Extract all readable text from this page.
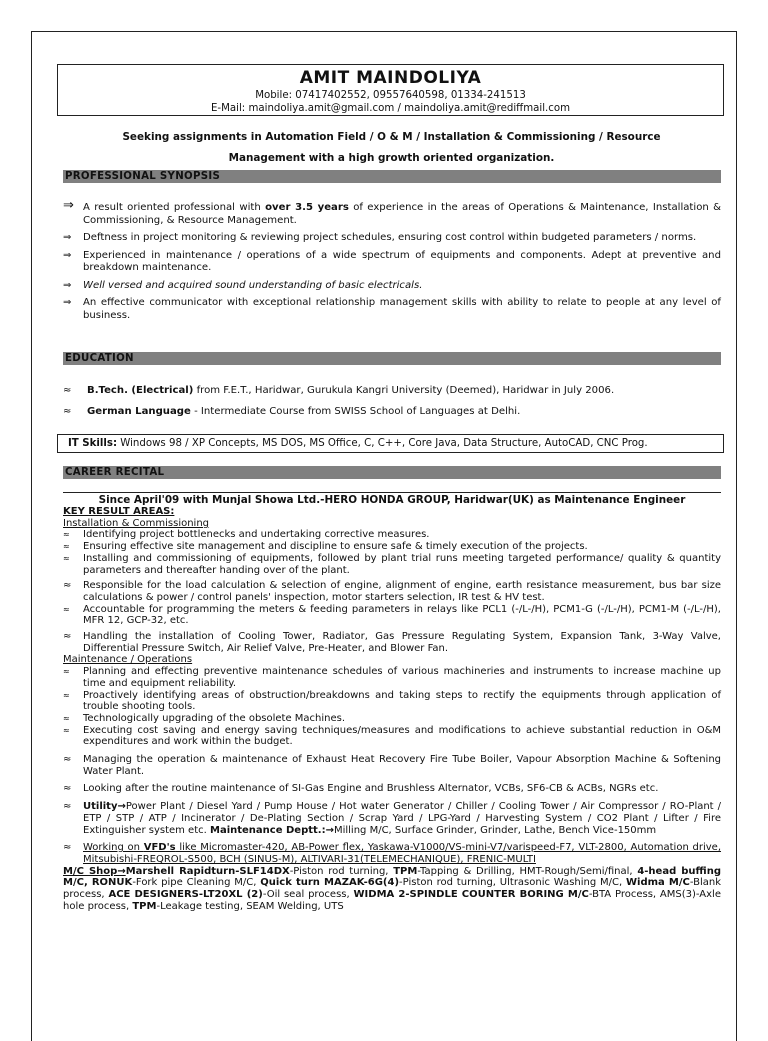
AMIT MAINDOLIYA
Mobile: 07417402552, 09557640598, 01334-241513
E-Mail: maindoliya.amit@gmail.com / maindoliya.amit@rediffmail.com
Seeking assignments in Automation Field / O & M / Installation & Commissioning / Resource
Management with a high growth oriented organization.
PROFESSIONAL SYNOPSIS
⇒ A result oriented professional with over 3.5 years of experience in the areas of Operations & Maintenance, Installation & Commissioning, & Resource Management.
⇒ Deftness in project monitoring & reviewing project schedules, ensuring cost control within budgeted parameters / norms.
⇒ Experienced in maintenance / operations of a wide spectrum of equipments and components. Adept at preventive and breakdown maintenance.
⇒ Well versed and acquired sound understanding of basic electricals.
⇒ An effective communicator with exceptional relationship management skills with ability to relate to people at any level of business.
EDUCATION
≈ B.Tech. (Electrical) from F.E.T., Haridwar, Gurukula Kangri University (Deemed), Haridwar in July 2006.
≈ German Language - Intermediate Course from SWISS School of Languages at Delhi.
IT Skills: Windows 98 / XP Concepts, MS DOS, MS Office, C, C++, Core Java, Data Structure, AutoCAD, CNC Prog.
CAREER RECITAL
Since April'09 with Munjal Showa Ltd.-HERO HONDA GROUP, Haridwar(UK) as Maintenance Engineer
KEY RESULT AREAS:
Installation & Commissioning
≈ Identifying project bottlenecks and undertaking corrective measures.
≈ Ensuring effective site management and discipline to ensure safe & timely execution of the projects.
≈ Installing and commissioning of equipments, followed by plant trial runs meeting targeted performance/ quality & quantity parameters and thereafter handing over of the plant.
≈ Responsible for the load calculation & selection of engine, alignment of engine, earth resistance measurement, bus bar size calculations & power / control panels' inspection, motor starters selection, IR test & HV test.
≈ Accountable for programming the meters & feeding parameters in relays like PCL1 (-/L-/H), PCM1-G (-/L-/H), PCM1-M (-/L-/H), MFR 12, GCP-32, etc.
≈ Handling the installation of Cooling Tower, Radiator, Gas Pressure Regulating System, Expansion Tank, 3-Way Valve, Differential Pressure Switch, Air Relief Valve, Pre-Heater, and Blower Fan.
Maintenance / Operations
≈ Planning and effecting preventive maintenance schedules of various machineries and instruments to increase machine up time and equipment reliability.
≈ Proactively identifying areas of obstruction/breakdowns and taking steps to rectify the equipments through application of trouble shooting tools.
≈ Technologically upgrading of the obsolete Machines.
≈ Executing cost saving and energy saving techniques/measures and modifications to achieve substantial reduction in O&M expenditures and work within the budget.
≈ Managing the operation & maintenance of Exhaust Heat Recovery Fire Tube Boiler, Vapour Absorption Machine & Softening Water Plant.
≈ Looking after the routine maintenance of SI-Gas Engine and Brushless Alternator, VCBs, SF6-CB & ACBs, NGRs etc.
≈ Utility→Power Plant / Diesel Yard / Pump House / Hot water Generator / Chiller / Cooling Tower / Air Compressor / RO-Plant / ETP / STP / ATP / Incinerator / De-Plating Section / Scrap Yard / LPG-Yard / Harvesting System / CO2 Plant / Lifter / Fire Extinguisher system etc. Maintenance Deptt.:→Milling M/C, Surface Grinder, Grinder, Lathe, Bench Vice-150mm
≈ Working on VFD's like Micromaster-420, AB-Power flex, Yaskawa-V1000/VS-mini-V7/varispeed-F7, VLT-2800, Automation drive, Mitsubishi-FREQROL-S500, BCH (SINUS-M), ALTIVARI-31(TELEMECHANIQUE), FRENIC-MULTI
M/C Shop→Marshell Rapidturn-SLF14DX-Piston rod turning, TPM-Tapping & Drilling, HMT-Rough/Semi/final, 4-head buffing M/C, RONUK-Fork pipe Cleaning M/C, Quick turn MAZAK-6G(4)-Piston rod turning, Ultrasonic Washing M/C, Widma M/C-Blank process, ACE DESIGNERS-LT20XL (2)-Oil seal process, WIDMA 2-SPINDLE COUNTER BORING M/C-BTA Process, AMS(3)-Axle hole process, TPM-Leakage testing, SEAM Welding, UTS
